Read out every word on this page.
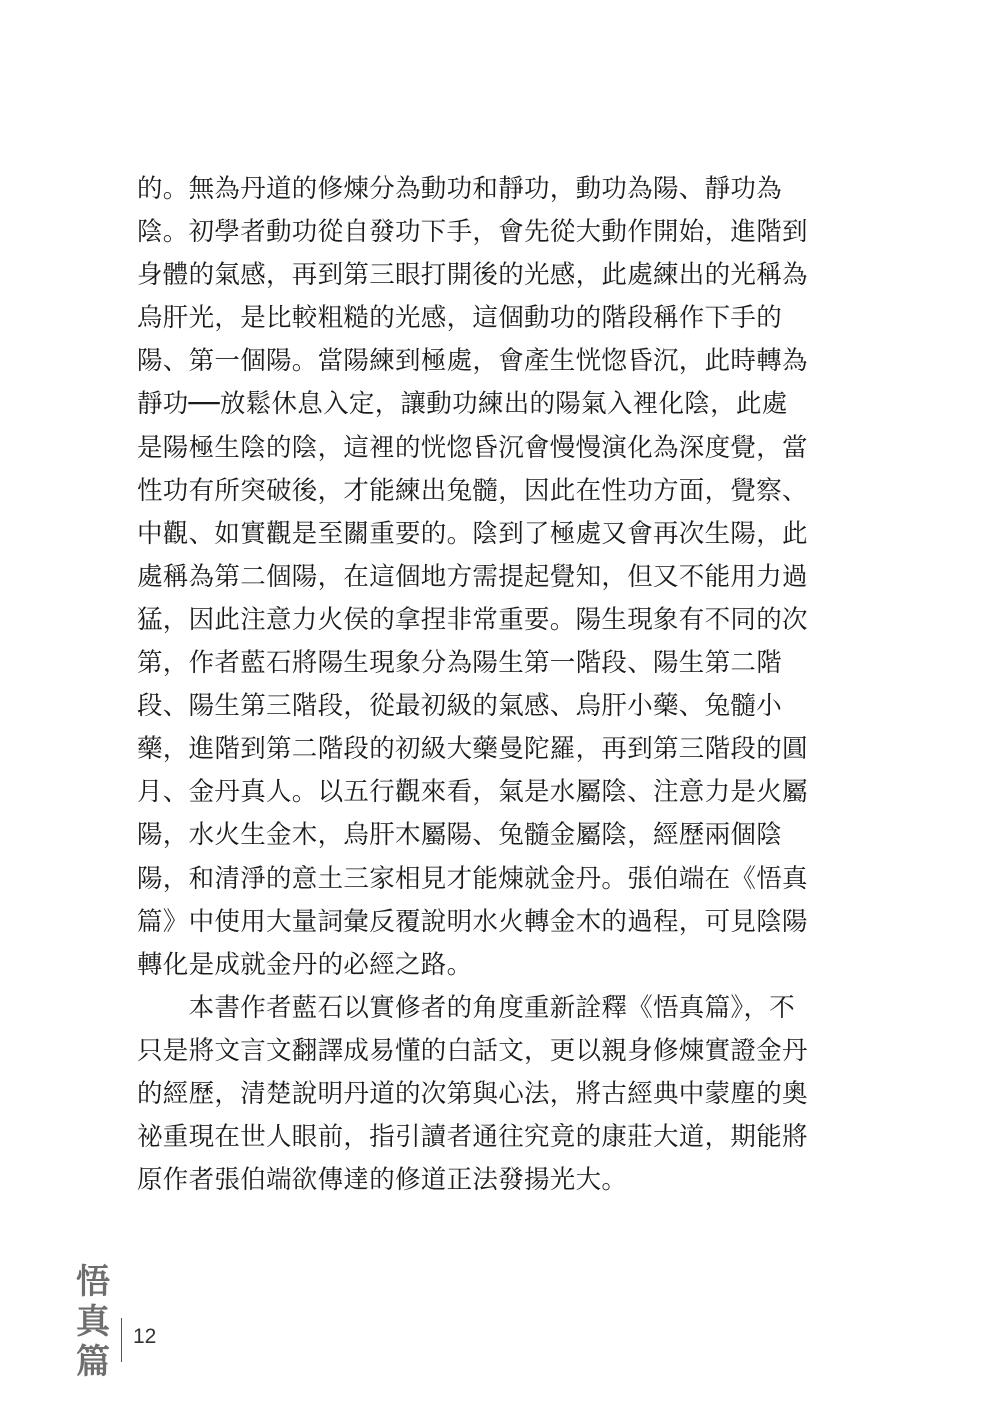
的。無為丹道的修煉分為動功和靜功，動功為陽、靜功為
陰。初學者動功從自發功下手，會先從大動作開始，進階到
身體的氣感，再到第三眼打開後的光感，此處練出的光稱為
烏肝光，是比較粗糙的光感，這個動功的階段稱作下手的
陽、第一個陽。當陽練到極處，會產生恍惚昏沉，此時轉為
靜功──放鬆休息入定，讓動功練出的陽氣入裡化陰，此處
是陽極生陰的陰，這裡的恍惚昏沉會慢慢演化為深度覺，當
性功有所突破後，才能練出兔髓，因此在性功方面，覺察、
中觀、如實觀是至關重要的。陰到了極處又會再次生陽，此
處稱為第二個陽，在這個地方需提起覺知，但又不能用力過
猛，因此注意力火侯的拿捏非常重要。陽生現象有不同的次
第，作者藍石將陽生現象分為陽生第一階段、陽生第二階
段、陽生第三階段，從最初級的氣感、烏肝小藥、兔髓小
藥，進階到第二階段的初級大藥曼陀羅，再到第三階段的圓
月、金丹真人。以五行觀來看，氣是水屬陰、注意力是火屬
陽，水火生金木，烏肝木屬陽、兔髓金屬陰，經歷兩個陰
陽，和清淨的意土三家相見才能煉就金丹。張伯端在《悟真
篇》中使用大量詞彙反覆說明水火轉金木的過程，可見陰陽
轉化是成就金丹的必經之路。
　　本書作者藍石以實修者的角度重新詮釋《悟真篇》，不
只是將文言文翻譯成易懂的白話文，更以親身修煉實證金丹
的經歷，清楚說明丹道的次第與心法，將古經典中蒙塵的奧
祕重現在世人眼前，指引讀者通往究竟的康莊大道，期能將
原作者張伯端欲傳達的修道正法發揚光大。
悟
真
篇
12
